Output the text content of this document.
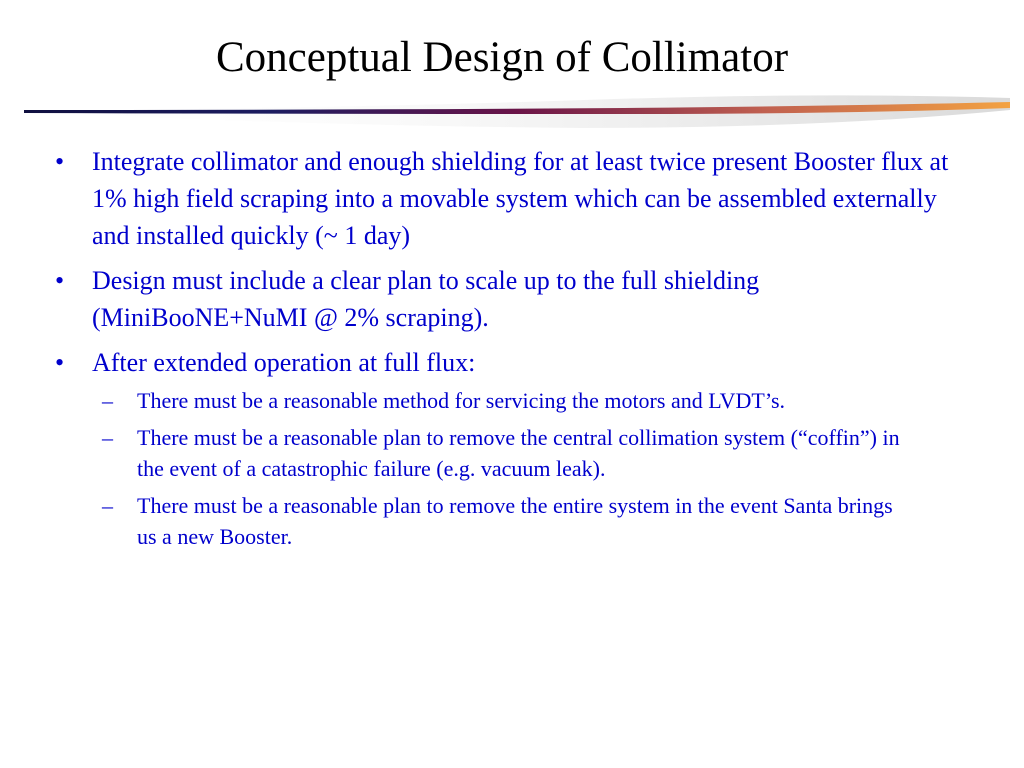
Conceptual Design of Collimator
• Integrate collimator and enough shielding for at least twice present Booster flux at 1% high field scraping into a movable system which can be assembled externally and installed quickly (~ 1 day)
• Design must include a clear plan to scale up to the full shielding (MiniBooNE+NuMI @ 2% scraping).
• After extended operation at full flux:
– There must be a reasonable method for servicing the motors and LVDT’s.
– There must be a reasonable plan to remove the central collimation system (“coffin”) in the event of a catastrophic failure (e.g. vacuum leak).
– There must be a reasonable plan to remove the entire system in the event Santa brings us a new Booster.
